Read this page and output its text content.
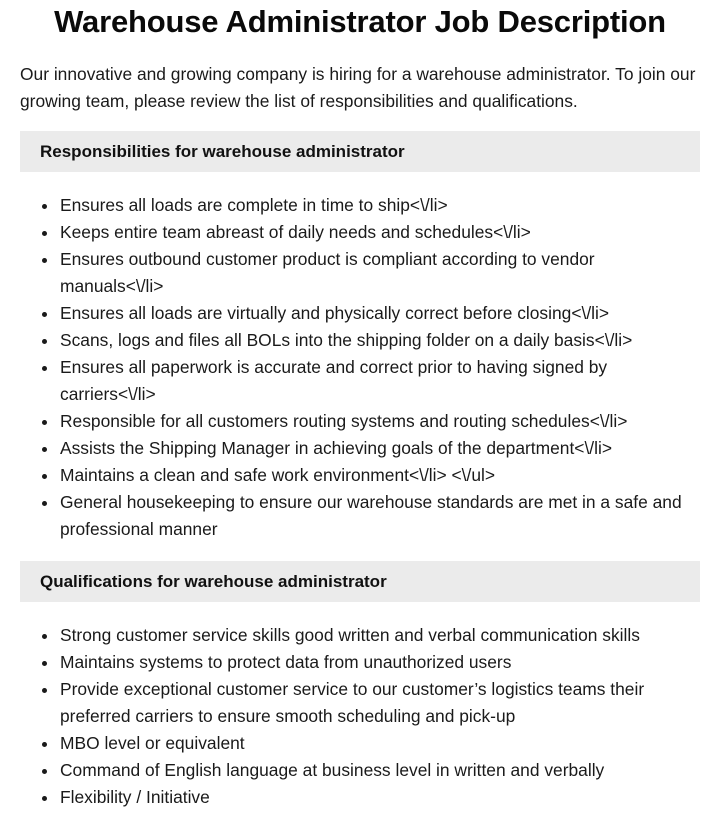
Warehouse Administrator Job Description

Our innovative and growing company is hiring for a warehouse administrator. To join our growing team, please review the list of responsibilities and qualifications.

Responsibilities for warehouse administrator
Ensures all loads are complete in time to ship<\/li>
Keeps entire team abreast of daily needs and schedules<\/li>
Ensures outbound customer product is compliant according to vendor manuals<\/li>
Ensures all loads are virtually and physically correct before closing<\/li>
Scans, logs and files all BOLs into the shipping folder on a daily basis<\/li>
Ensures all paperwork is accurate and correct prior to having signed by carriers<\/li>
Responsible for all customers routing systems and routing schedules<\/li>
Assists the Shipping Manager in achieving goals of the department<\/li>
Maintains a clean and safe work environment<\/li> <\/ul>
General housekeeping to ensure our warehouse standards are met in a safe and professional manner
Qualifications for warehouse administrator
Strong customer service skills good written and verbal communication skills
Maintains systems to protect data from unauthorized users
Provide exceptional customer service to our customer’s logistics teams their preferred carriers to ensure smooth scheduling and pick-up
MBO level or equivalent
Command of English language at business level in written and verbally
Flexibility / Initiative
